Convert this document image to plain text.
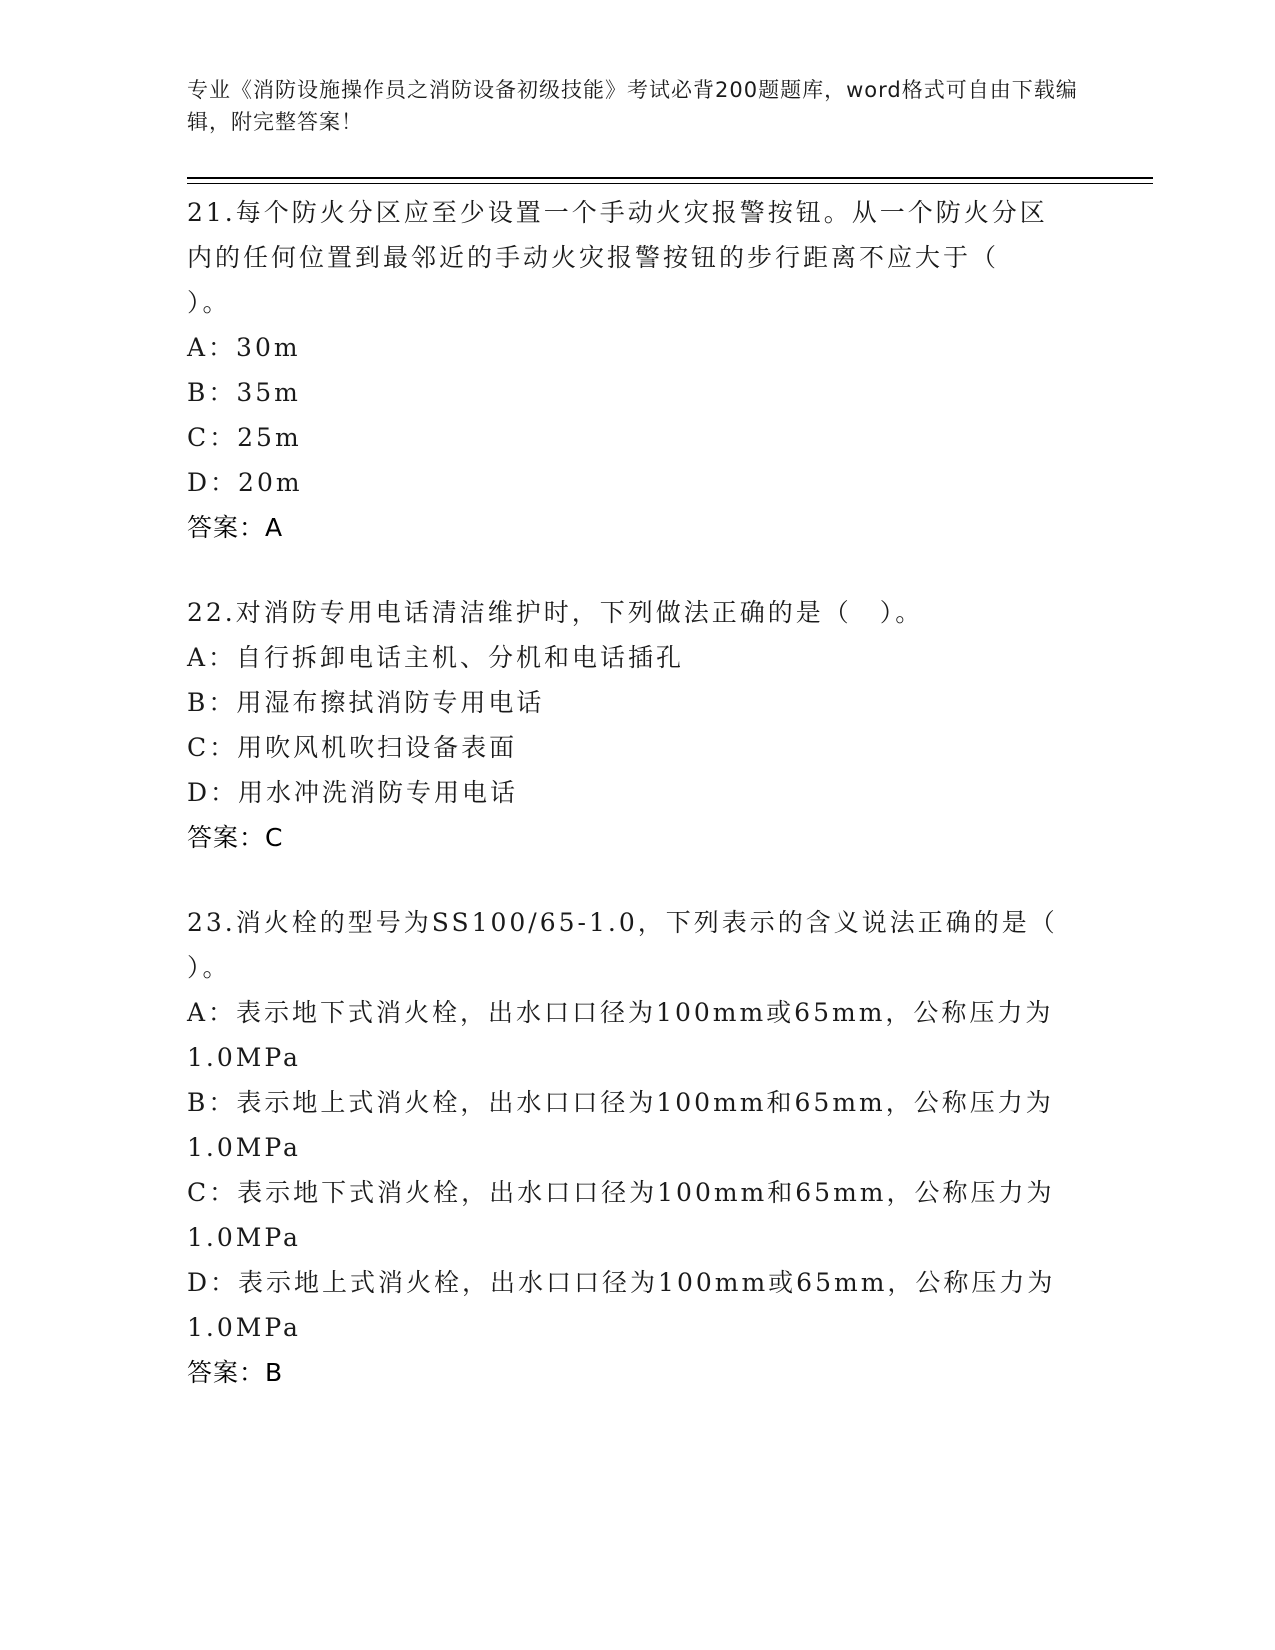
专业《消防设施操作员之消防设备初级技能》考试必背200题题库，word格式可自由下载编辑，附完整答案！
21.每个防火分区应至少设置一个手动火灾报警按钮。从一个防火分区
内的任何位置到最邻近的手动火灾报警按钮的步行距离不应大于（
）。
A：30m
B：35m
C：25m
D：20m
答案：A
22.对消防专用电话清洁维护时，下列做法正确的是（　）。
A：自行拆卸电话主机、分机和电话插孔
B：用湿布擦拭消防专用电话
C：用吹风机吹扫设备表面
D：用水冲洗消防专用电话
答案：C
23.消火栓的型号为SS100/65-1.0，下列表示的含义说法正确的是（
）。
A：表示地下式消火栓，出水口口径为100mm或65mm，公称压力为
1.0MPa
B：表示地上式消火栓，出水口口径为100mm和65mm，公称压力为
1.0MPa
C：表示地下式消火栓，出水口口径为100mm和65mm，公称压力为
1.0MPa
D：表示地上式消火栓，出水口口径为100mm或65mm，公称压力为
1.0MPa
答案：B
